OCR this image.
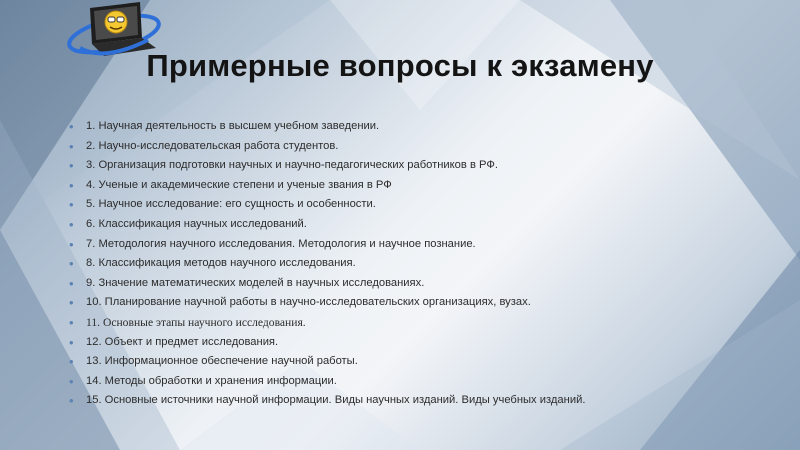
Примерные вопросы к экзамену
• 1. Научная деятельность в высшем учебном заведении.
• 2. Научно-исследовательская работа студентов.
• 3. Организация подготовки научных и научно-педагогических работников в РФ.
• 4. Ученые и академические степени и ученые звания в РФ
• 5. Научное исследование: его сущность и особенности.
• 6. Классификация научных исследований.
• 7. Методология научного исследования. Методология и научное познание.
• 8. Классификация методов научного исследования.
• 9. Значение математических моделей в научных исследованиях.
• 10. Планирование научной работы в научно-исследовательских организациях, вузах.
• 11. Основные этапы научного исследования.
• 12. Объект и предмет исследования.
• 13. Информационное обеспечение научной работы.
• 14. Методы обработки и хранения информации.
• 15. Основные источники научной информации. Виды научных изданий. Виды учебных изданий.
